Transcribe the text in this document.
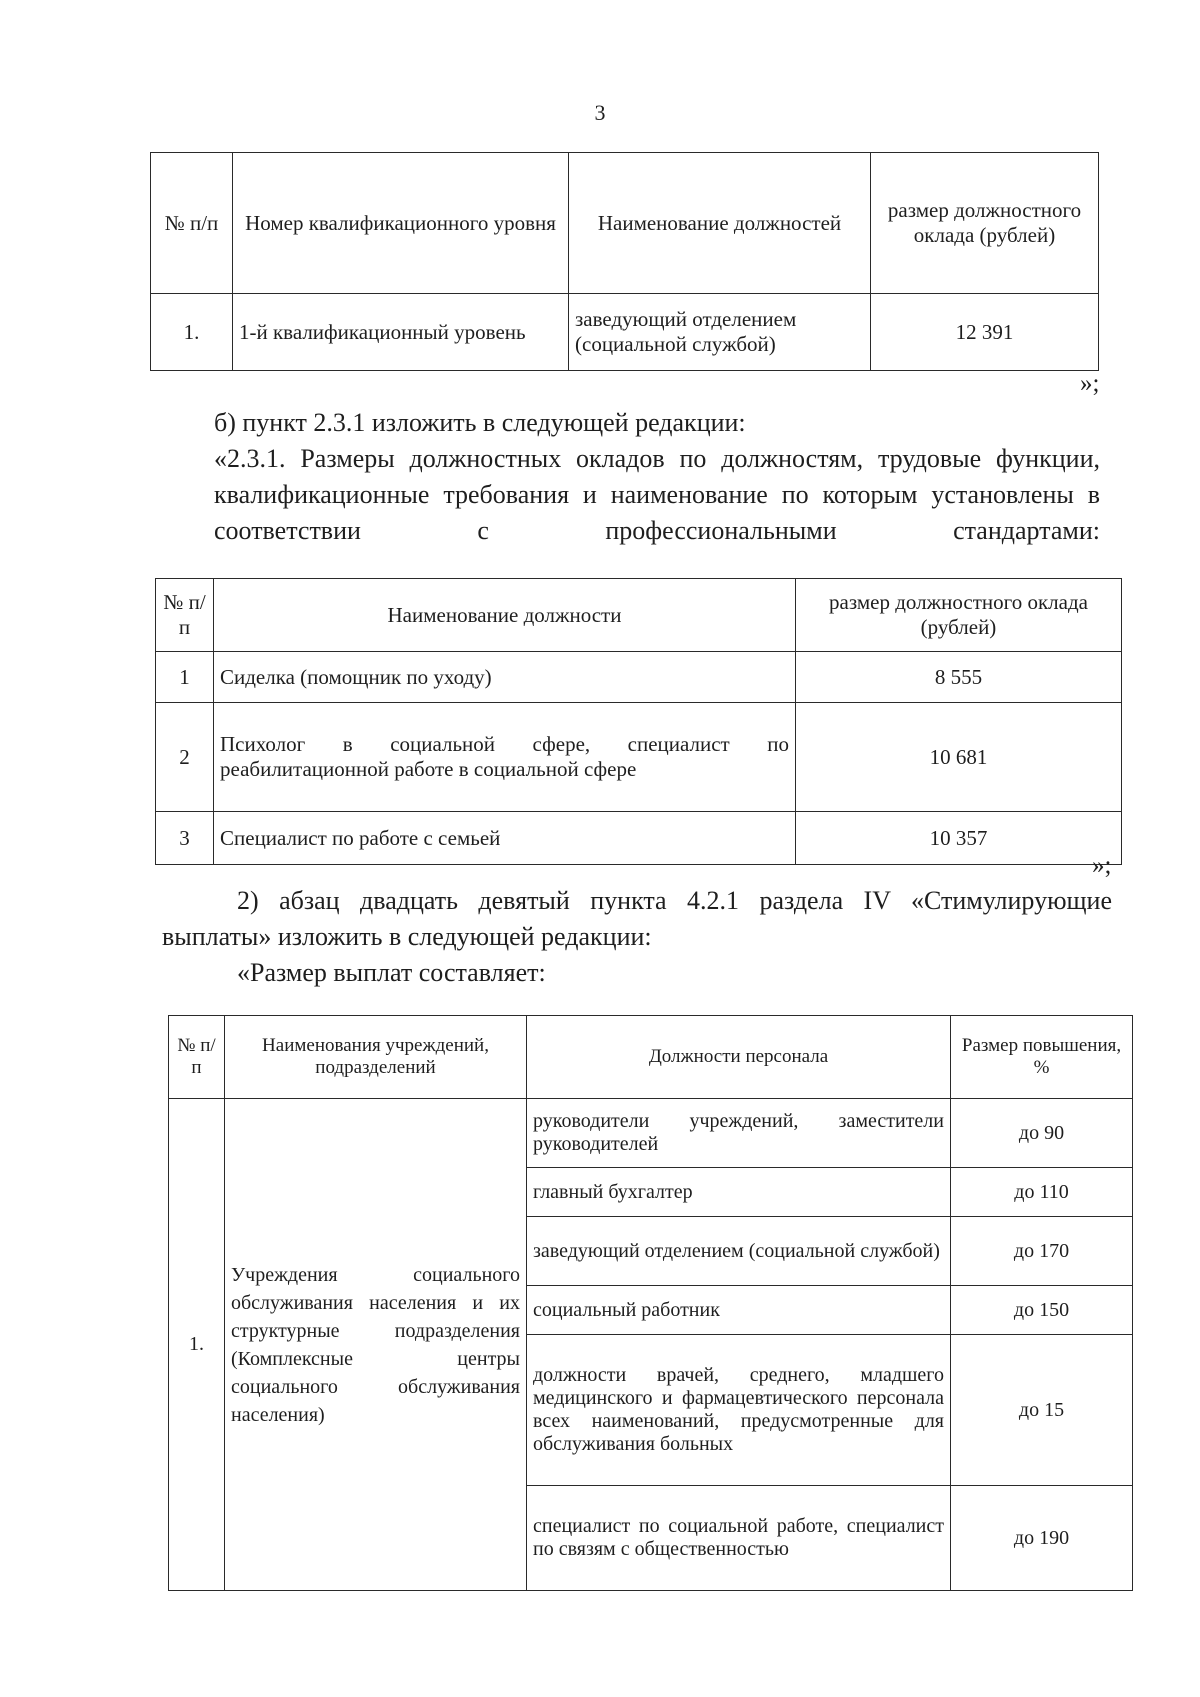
3
№ п/п	Номер квалификационного уровня	Наименование должностей	размер должностного оклада (рублей)
1.	1-й квалификационный уровень	заведующий отделением (социальной службой)	12 391
»;
б) пункт 2.3.1 изложить в следующей редакции:
«2.3.1. Размеры должностных окладов по должностям, трудовые функции, квалификационные требования и наименование по которым установлены в соответствии с профессиональными стандартами:
№ п/п	Наименование должности	размер должностного оклада (рублей)
1	Сиделка (помощник по уходу)	8 555
2	Психолог в социальной сфере, специалист по реабилитационной работе в социальной сфере	10 681
3	Специалист по работе с семьей	10 357
»;
2) абзац двадцать девятый пункта 4.2.1 раздела IV «Стимулирующие выплаты» изложить в следующей редакции:
«Размер выплат составляет:
№ п/п	Наименования учреждений, подразделений	Должности персонала	Размер повышения, %
1.	Учреждения социального обслуживания населения и их структурные подразделения (Комплексные центры социального обслуживания населения)	руководители учреждений, заместители руководителей	до 90
		главный бухгалтер	до 110
		заведующий отделением (социальной службой)	до 170
		социальный работник	до 150
		должности врачей, среднего, младшего медицинского и фармацевтического персонала всех наименований, предусмотренные для обслуживания больных	до 15
		специалист по социальной работе, специалист по связям с общественностью	до 190
